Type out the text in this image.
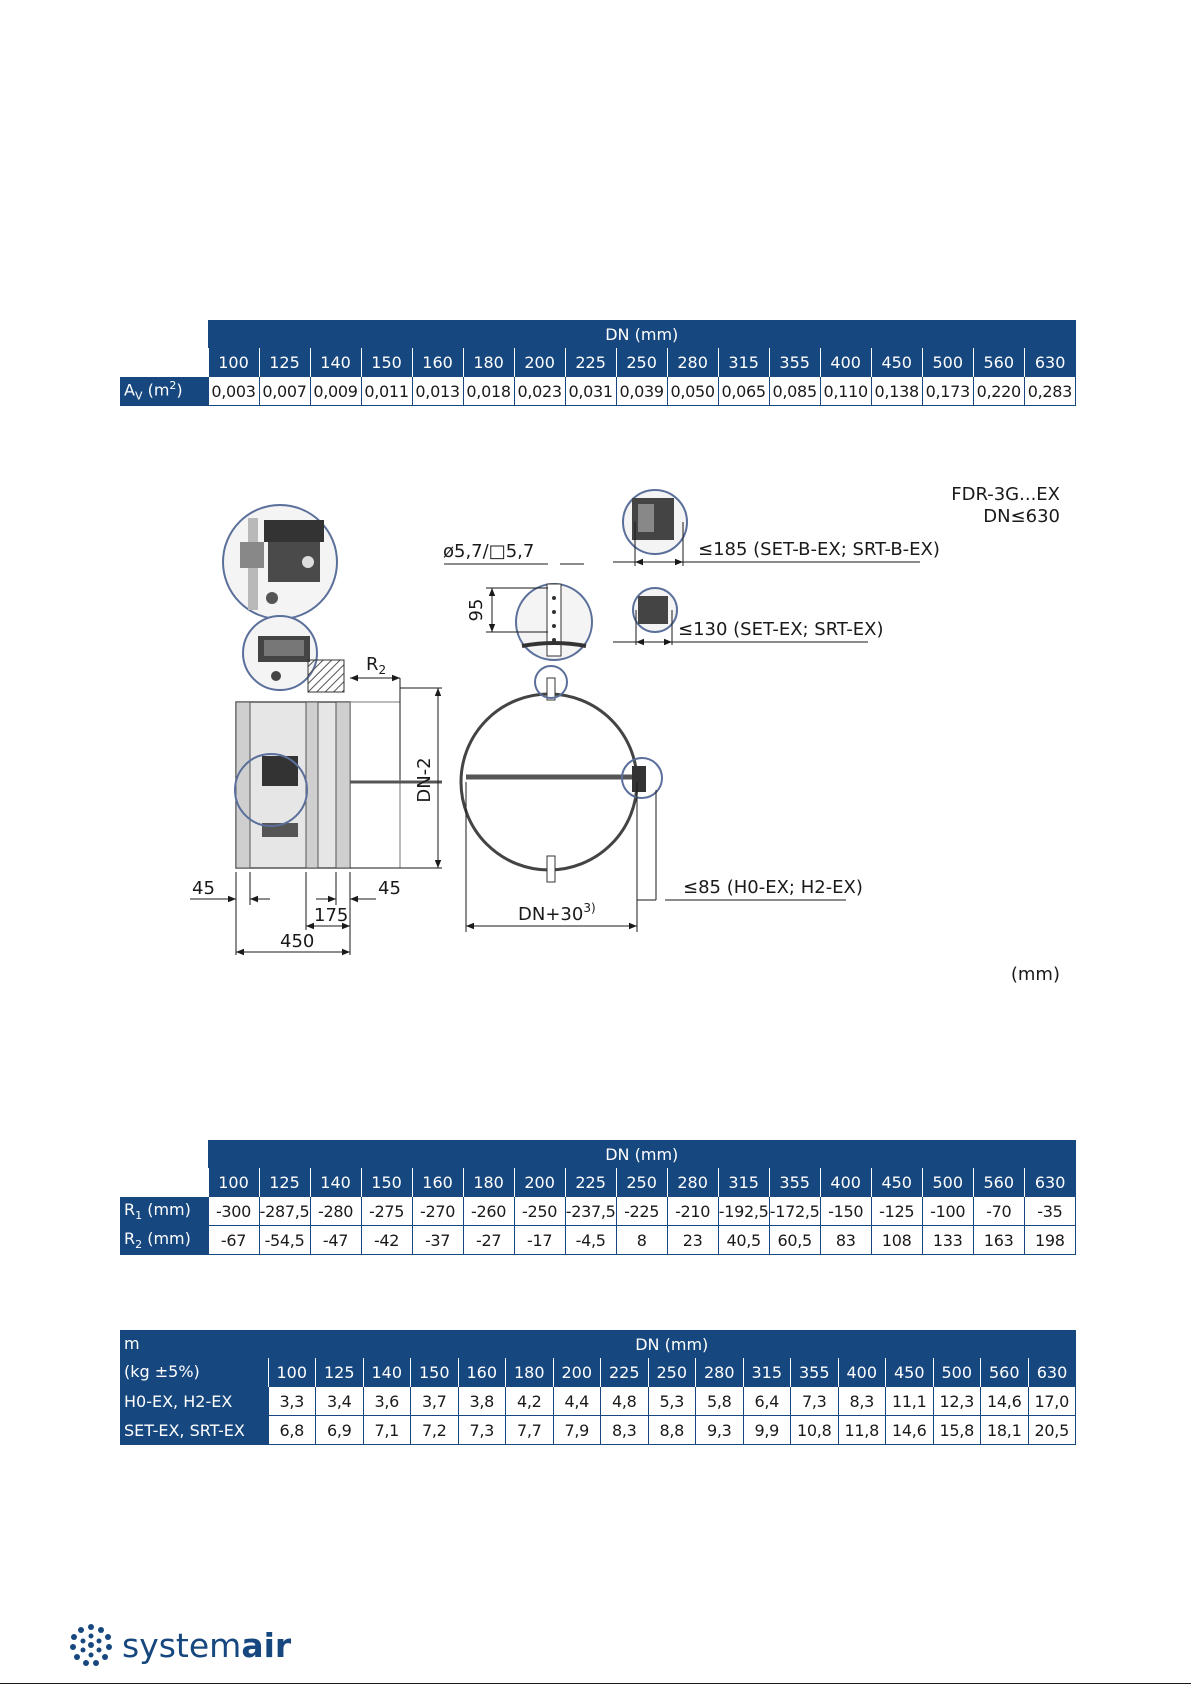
	DN (mm)																
	100	125	140	150	160	180	200	225	250	280	315	355	400	450	500	560	630
$A_V$ $(m^2)$	0,003	0,007	0,009	0,011	0,013	0,018	0,023	0,031	0,039	0,050	0,065	0,085	0,110	0,138	0,173	0,220	0,283
	DN (mm)																
	100	125	140	150	160	180	200	225	250	280	315	355	400	450	500	560	630
$R_1$ (mm)	-300	-287,5	-280	-275	-270	-260	-250	-237,5	-225	-210	-192,5	-172,5	-150	-125	-100	-70	-35
$R_2$ (mm)	-67	-54,5	-47	-42	-37	-27	-17	-4,5	8	23	40,5	60,5	83	108	133	163	198
m
(kg ±5%)	DN (mm)																
	100	125	140	150	160	180	200	225	250	280	315	355	400	450	500	560	630
H0-EX, H2-EX	3,3	3,4	3,6	3,7	3,8	4,2	4,4	4,8	5,3	5,8	6,4	7,3	8,3	11,1	12,3	14,6	17,0
SET-EX, SRT-EX	6,8	6,9	7,1	7,2	7,3	7,7	7,9	8,3	8,8	9,3	9,9	10,8	11,8	14,6	15,8	18,1	20,5
FDR-3G...EX
DN≤630
$R_2$
DN-2
45	45
175
450
ø5,7/□5,7
95
$DN+30^{3)}$
≤185 (SET-B-EX; SRT-B-EX)
≤130 (SET-EX; SRT-EX)
≤85 (H0-EX; H2-EX)
(mm)
systemair
